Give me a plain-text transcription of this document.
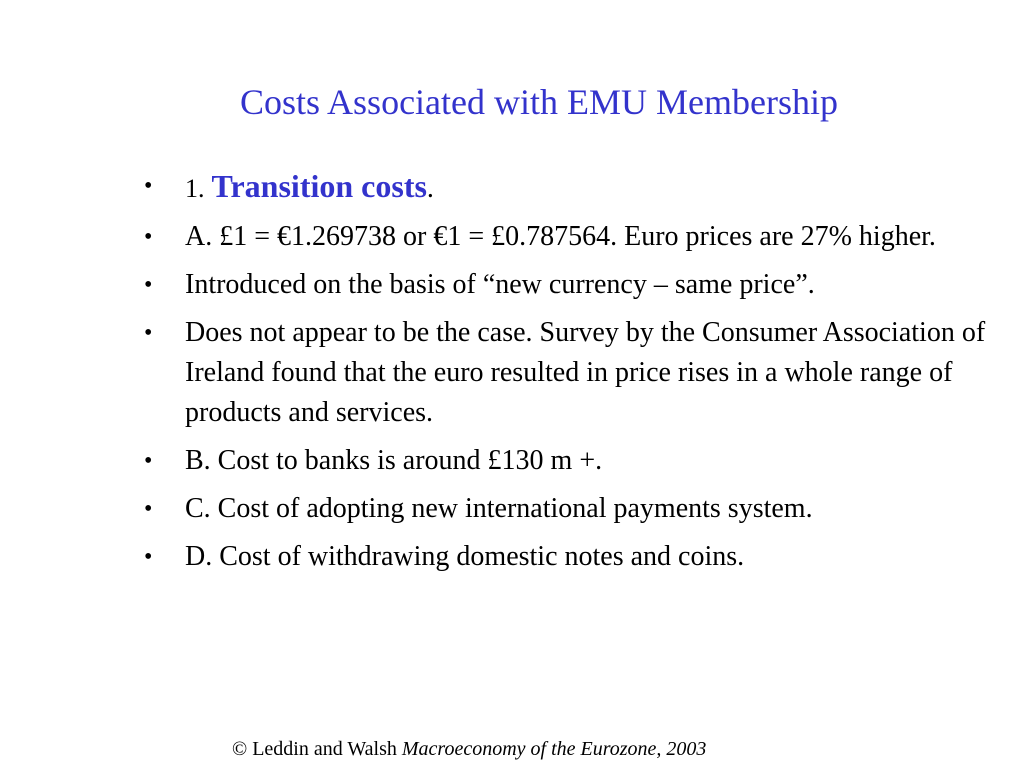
Costs Associated with EMU Membership
• 1. Transition costs.
• A. £1 = €1.269738 or €1 = £0.787564. Euro prices are 27% higher.
• Introduced on the basis of “new currency – same price”.
• Does not appear to be the case. Survey by the Consumer Association of Ireland found that the euro resulted in price rises in a whole range of products and services.
• B. Cost to banks is around £130 m +.
• C. Cost of adopting new international payments system.
• D. Cost of withdrawing domestic notes and coins.
© Leddin and Walsh Macroeconomy of the Eurozone, 2003
